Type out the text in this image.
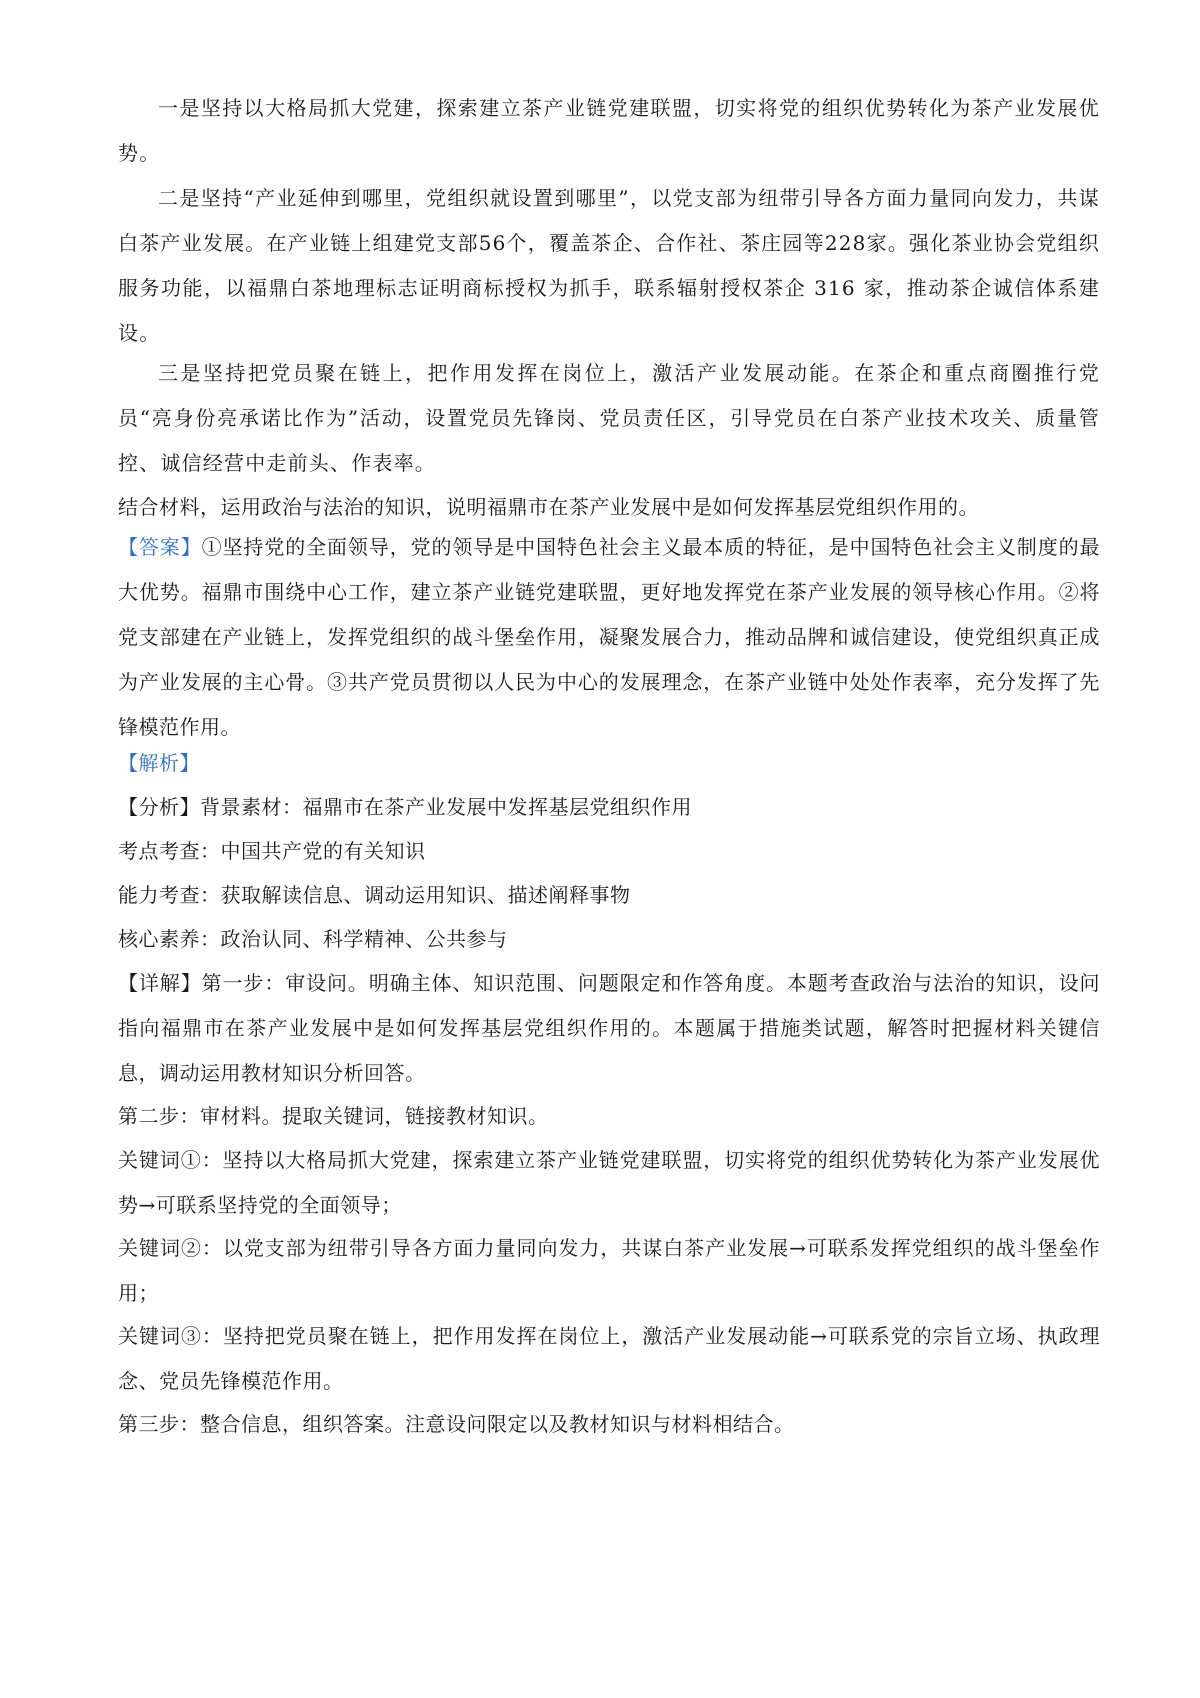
一是坚持以大格局抓大党建，探索建立茶产业链党建联盟，切实将党的组织优势转化为茶产业发展优势。

二是坚持“产业延伸到哪里，党组织就设置到哪里”，以党支部为纽带引导各方面力量同向发力，共谋白茶产业发展。在产业链上组建党支部56个，覆盖茶企、合作社、茶庄园等228家。强化茶业协会党组织服务功能，以福鼎白茶地理标志证明商标授权为抓手，联系辐射授权茶企 316 家，推动茶企诚信体系建设。

三是坚持把党员聚在链上，把作用发挥在岗位上，激活产业发展动能。在茶企和重点商圈推行党员“亮身份亮承诺比作为”活动，设置党员先锋岗、党员责任区，引导党员在白茶产业技术攻关、质量管控、诚信经营中走前头、作表率。

结合材料，运用政治与法治的知识，说明福鼎市在茶产业发展中是如何发挥基层党组织作用的。

【答案】①坚持党的全面领导，党的领导是中国特色社会主义最本质的特征，是中国特色社会主义制度的最大优势。福鼎市围绕中心工作，建立茶产业链党建联盟，更好地发挥党在茶产业发展的领导核心作用。②将党支部建在产业链上，发挥党组织的战斗堡垒作用，凝聚发展合力，推动品牌和诚信建设，使党组织真正成为产业发展的主心骨。③共产党员贯彻以人民为中心的发展理念，在茶产业链中处处作表率，充分发挥了先锋模范作用。

【解析】

【分析】背景素材：福鼎市在茶产业发展中发挥基层党组织作用

考点考查：中国共产党的有关知识

能力考查：获取解读信息、调动运用知识、描述阐释事物

核心素养：政治认同、科学精神、公共参与

【详解】第一步：审设问。明确主体、知识范围、问题限定和作答角度。本题考查政治与法治的知识，设问指向福鼎市在茶产业发展中是如何发挥基层党组织作用的。本题属于措施类试题，解答时把握材料关键信息，调动运用教材知识分析回答。

第二步：审材料。提取关键词，链接教材知识。

关键词①：坚持以大格局抓大党建，探索建立茶产业链党建联盟，切实将党的组织优势转化为茶产业发展优势→可联系坚持党的全面领导；

关键词②：以党支部为纽带引导各方面力量同向发力，共谋白茶产业发展→可联系发挥党组织的战斗堡垒作用；

关键词③：坚持把党员聚在链上，把作用发挥在岗位上，激活产业发展动能→可联系党的宗旨立场、执政理念、党员先锋模范作用。

第三步：整合信息，组织答案。注意设问限定以及教材知识与材料相结合。
